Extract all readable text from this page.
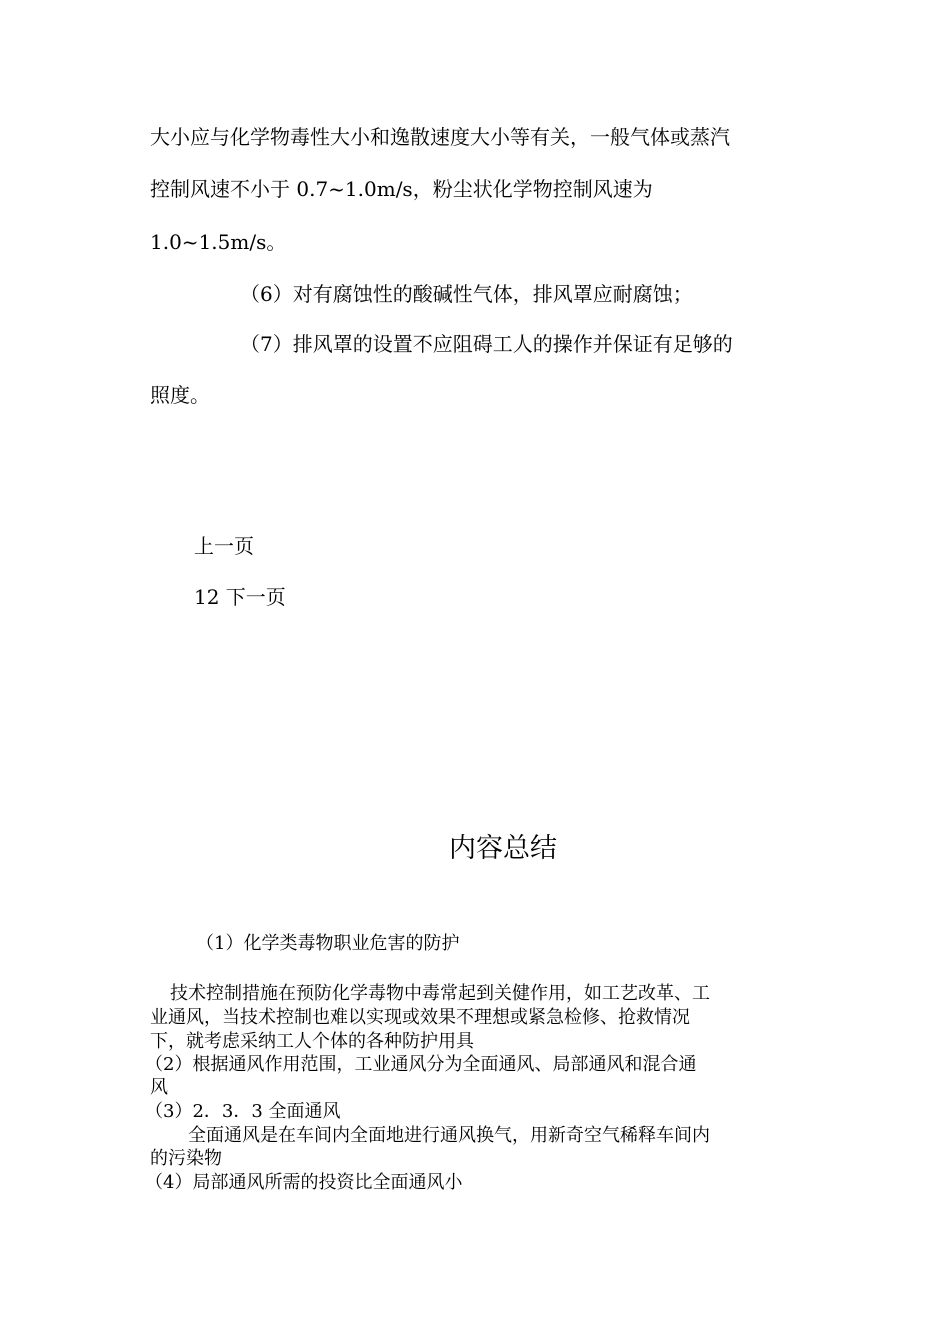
大小应与化学物毒性大小和逸散速度大小等有关，一般气体或蒸汽

控制风速不小于 0.7~1.0m/s，粉尘状化学物控制风速为

1.0~1.5m/s。

（6）对有腐蚀性的酸碱性气体，排风罩应耐腐蚀；

（7）排风罩的设置不应阻碍工人的操作并保证有足够的

照度。

上一页

12 下一页

内容总结

（1）化学类毒物职业危害的防护

技术控制措施在预防化学毒物中毒常起到关健作用，如工艺改革、工

业通风，当技术控制也难以实现或效果不理想或紧急检修、抢救情况

下，就考虑采纳工人个体的各种防护用具

（2）根据通风作用范围，工业通风分为全面通风、局部通风和混合通

风

（3）2．3．3 全面通风

全面通风是在车间内全面地进行通风换气，用新奇空气稀释车间内

的污染物

（4）局部通风所需的投资比全面通风小
